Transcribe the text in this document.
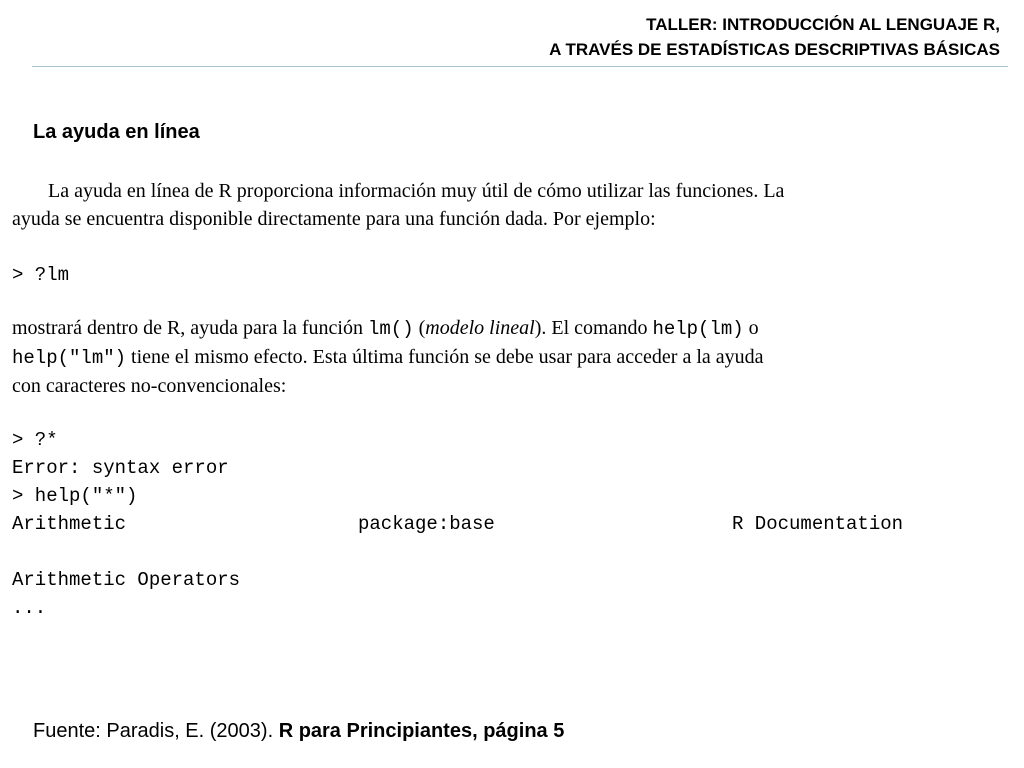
TALLER: INTRODUCCIÓN AL LENGUAJE R,
A TRAVÉS DE ESTADÍSTICAS DESCRIPTIVAS BÁSICAS
La ayuda en línea
La ayuda en línea de R proporciona información muy útil de cómo utilizar las funciones. La
ayuda se encuentra disponible directamente para una función dada. Por ejemplo:
> ?lm
mostrará dentro de R, ayuda para la función lm() (modelo lineal). El comando help(lm) o
help("lm") tiene el mismo efecto. Esta última función se debe usar para acceder a la ayuda
con caracteres no-convencionales:
> ?*
Error: syntax error
> help("*")
Arithmetic	package:base	R Documentation
Arithmetic Operators
...
Fuente: Paradis, E. (2003). R para Principiantes, página 5
